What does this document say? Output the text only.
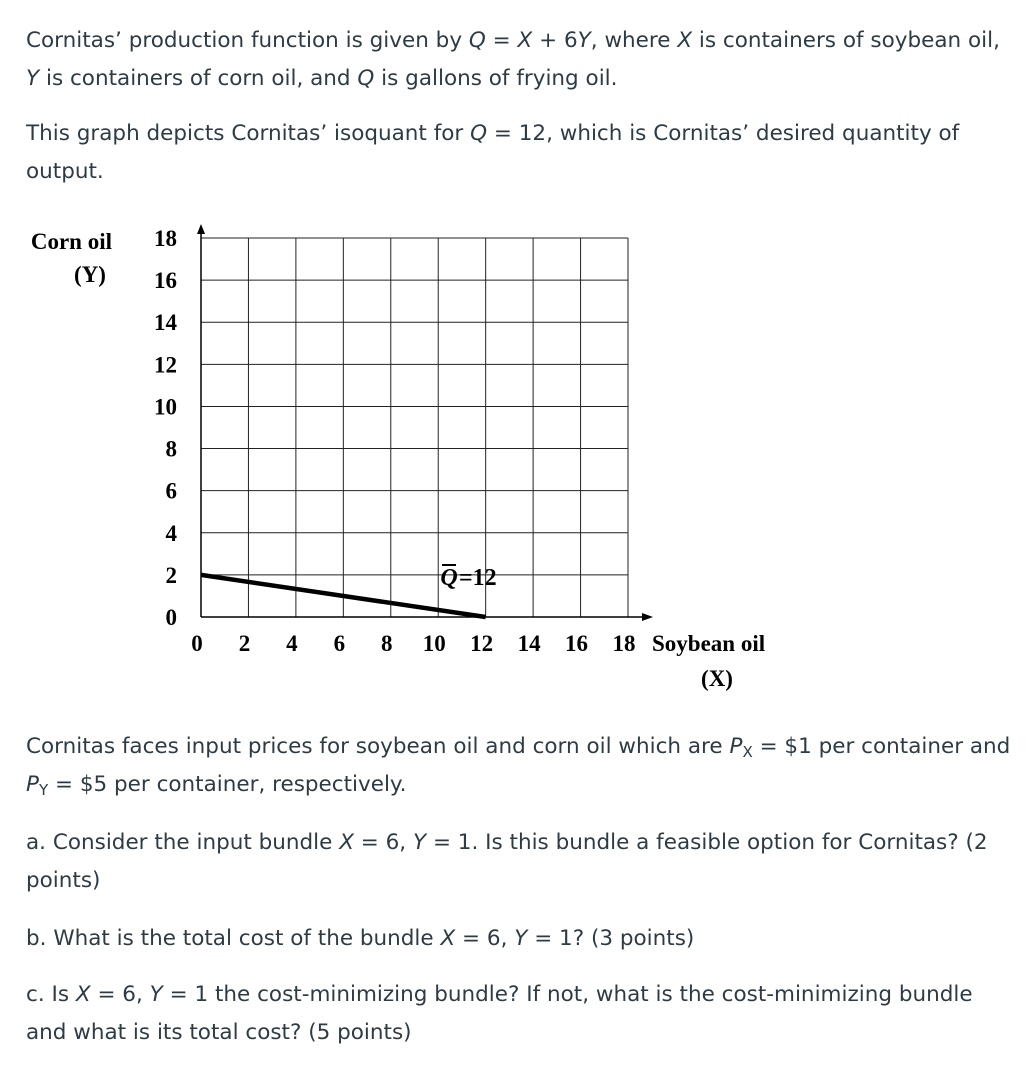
Cornitas’ production function is given by Q = X + 6Y, where X is containers of soybean oil, Y is containers of corn oil, and Q is gallons of frying oil.

This graph depicts Cornitas’ isoquant for Q = 12, which is Cornitas’ desired quantity of output.

18
16
14
12
10
8
6
4
2
0
0 2 4 6 8 10 12 14 16 18
Q =12
Corn oil
(Y)
Soybean oil
(X)

Cornitas faces input prices for soybean oil and corn oil which are $P_X$ = $1 per container and $P_Y$ = $5 per container, respectively.

a. Consider the input bundle X = 6, Y = 1. Is this bundle a feasible option for Cornitas? (2 points)

b. What is the total cost of the bundle X = 6, Y = 1? (3 points)

c. Is X = 6, Y = 1 the cost-minimizing bundle? If not, what is the cost-minimizing bundle and what is its total cost? (5 points)
